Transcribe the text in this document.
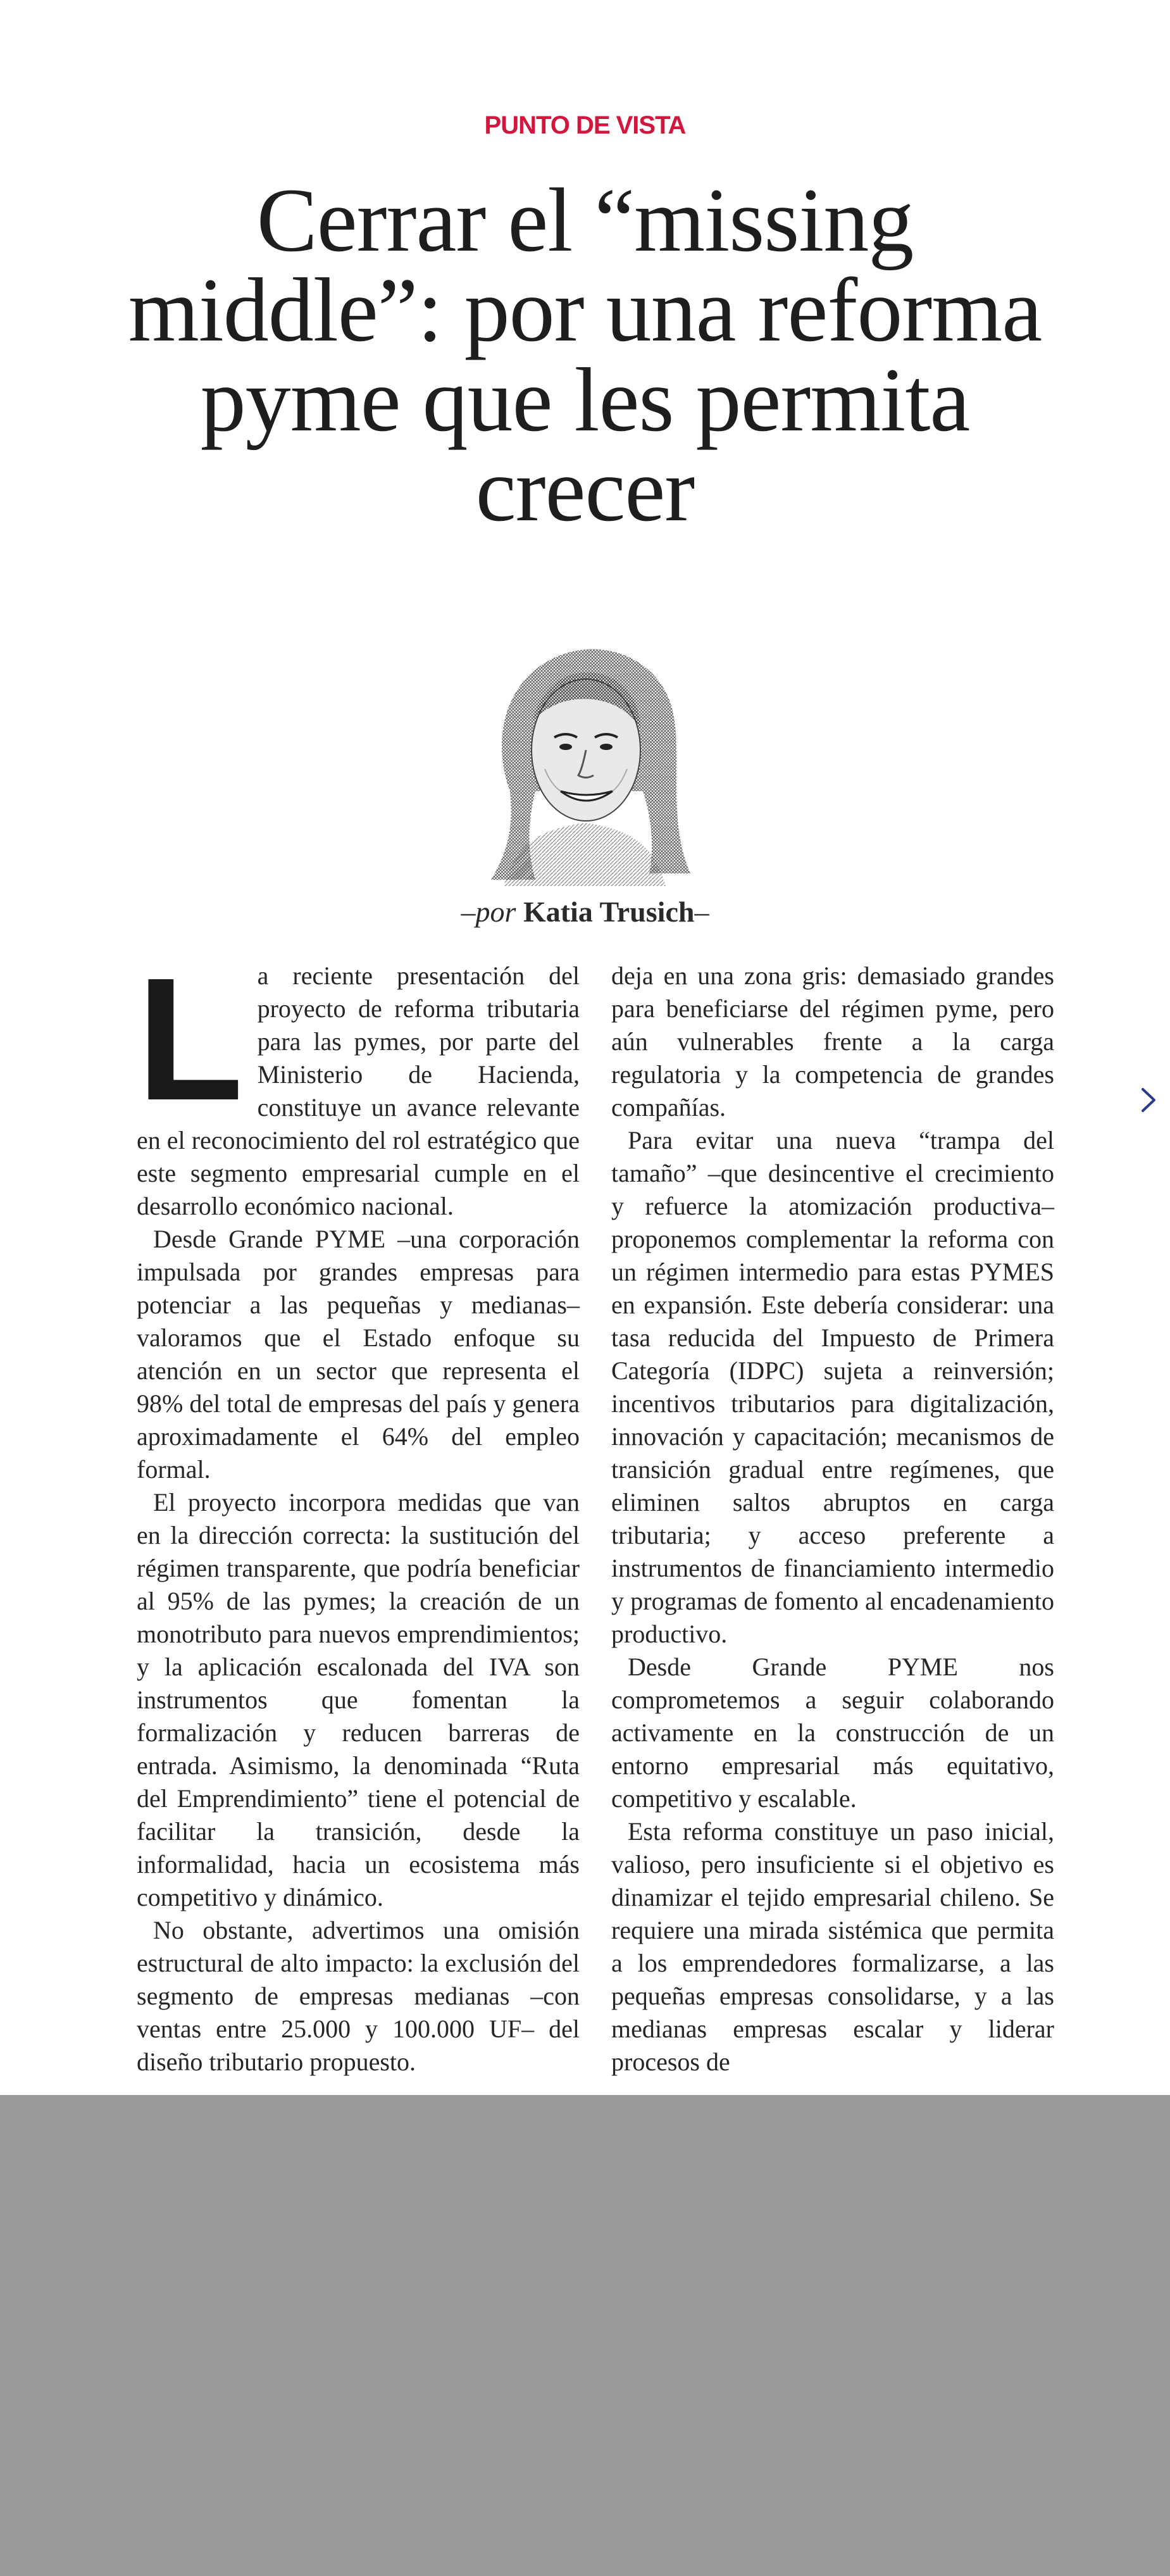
PUNTO DE VISTA
Cerrar el “missing middle”: por una reforma pyme que les permita crecer
–por Katia Trusich–

La reciente presentación del proyecto de reforma tributaria para las pymes, por parte del Ministerio de Hacienda, constituye un avance relevante en el reconocimiento del rol estratégico que este segmento empresarial cumple en el desarrollo económico nacional.

Desde Grande PYME –una corporación impulsada por grandes empresas para potenciar a las pequeñas y medianas– valoramos que el Estado enfoque su atención en un sector que representa el 98% del total de empresas del país y genera aproximadamente el 64% del empleo formal.

El proyecto incorpora medidas que van en la dirección correcta: la sustitución del régimen transparente, que podría beneficiar al 95% de las pymes; la creación de un monotributo para nuevos emprendimientos; y la aplicación escalonada del IVA son instrumentos que fomentan la formalización y reducen barreras de entrada. Asimismo, la denominada “Ruta del Emprendimiento” tiene el potencial de facilitar la transición, desde la informalidad, hacia un ecosistema más competitivo y dinámico.

No obstante, advertimos una omisión estructural de alto impacto: la exclusión del segmento de empresas medianas –con ventas entre 25.000 y 100.000 UF– del diseño tributario propuesto.

deja en una zona gris: demasiado grandes para beneficiarse del régimen pyme, pero aún vulnerables frente a la carga regulatoria y la competencia de grandes compañías.

Para evitar una nueva “trampa del tamaño” –que desincentive el crecimiento y refuerce la atomización productiva– proponemos complementar la reforma con un régimen intermedio para estas PYMES en expansión. Este debería considerar: una tasa reducida del Impuesto de Primera Categoría (IDPC) sujeta a reinversión; incentivos tributarios para digitalización, innovación y capacitación; mecanismos de transición gradual entre regímenes, que eliminen saltos abruptos en carga tributaria; y acceso preferente a instrumentos de financiamiento intermedio y programas de fomento al encadenamiento productivo.

Desde Grande PYME nos comprometemos a seguir colaborando activamente en la construcción de un entorno empresarial más equitativo, competitivo y escalable.

Esta reforma constituye un paso inicial, valioso, pero insuficiente si el objetivo es dinamizar el tejido empresarial chileno. Se requiere una mirada sistémica que permita a los emprendedores formalizarse, a las pequeñas empresas consolidarse, y a las medianas empresas escalar y liderar procesos de
